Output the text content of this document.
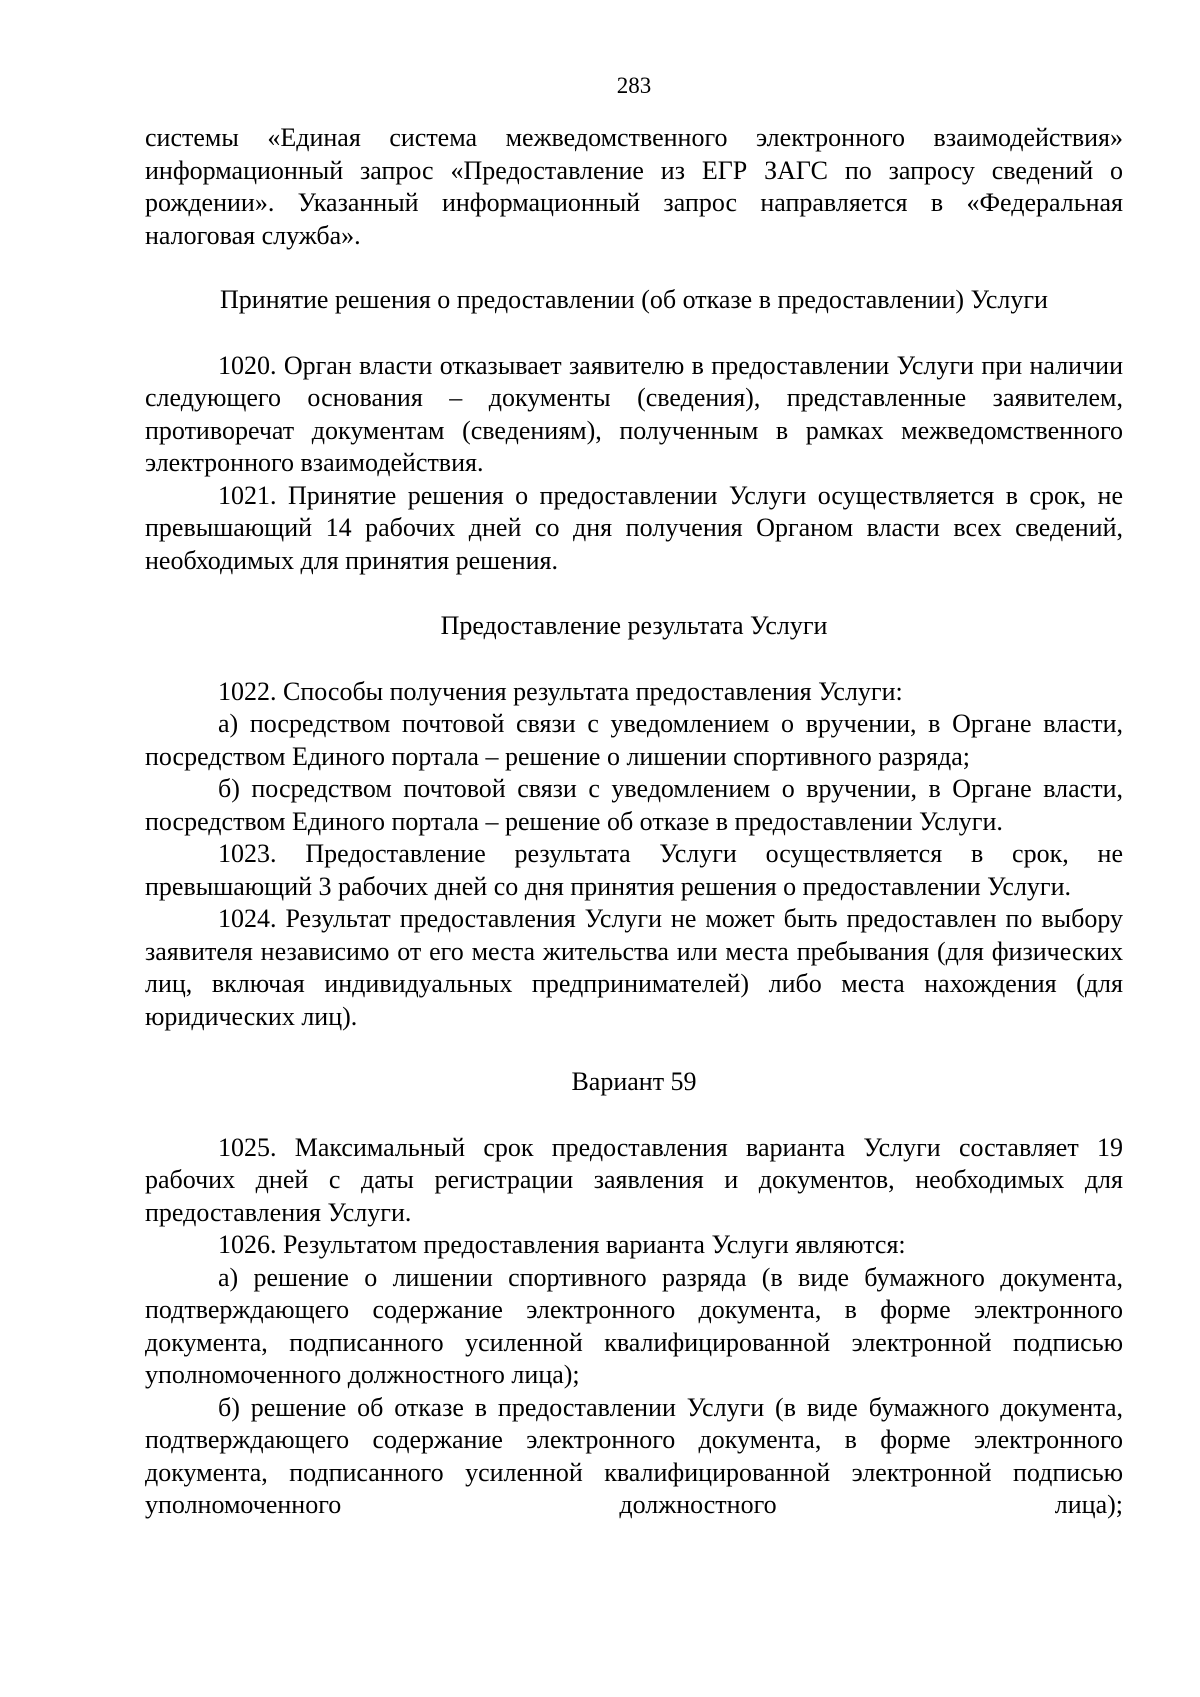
283

системы «Единая система межведомственного электронного взаимодействия» информационный запрос «Предоставление из ЕГР ЗАГС по запросу сведений о рождении». Указанный информационный запрос направляется в «Федеральная налоговая служба».

Принятие решения о предоставлении (об отказе в предоставлении) Услуги

1020. Орган власти отказывает заявителю в предоставлении Услуги при наличии следующего основания – документы (сведения), представленные заявителем, противоречат документам (сведениям), полученным в рамках межведомственного электронного взаимодействия.

1021. Принятие решения о предоставлении Услуги осуществляется в срок, не превышающий 14 рабочих дней со дня получения Органом власти всех сведений, необходимых для принятия решения.

Предоставление результата Услуги

1022. Способы получения результата предоставления Услуги:

а) посредством почтовой связи с уведомлением о вручении, в Органе власти, посредством Единого портала – решение о лишении спортивного разряда;

б) посредством почтовой связи с уведомлением о вручении, в Органе власти, посредством Единого портала – решение об отказе в предоставлении Услуги.

1023. Предоставление результата Услуги осуществляется в срок, не превышающий 3 рабочих дней со дня принятия решения о предоставлении Услуги.

1024. Результат предоставления Услуги не может быть предоставлен по выбору заявителя независимо от его места жительства или места пребывания (для физических лиц, включая индивидуальных предпринимателей) либо места нахождения (для юридических лиц).

Вариант 59

1025. Максимальный срок предоставления варианта Услуги составляет 19 рабочих дней с даты регистрации заявления и документов, необходимых для предоставления Услуги.

1026. Результатом предоставления варианта Услуги являются:

а) решение о лишении спортивного разряда (в виде бумажного документа, подтверждающего содержание электронного документа, в форме электронного документа, подписанного усиленной квалифицированной электронной подписью уполномоченного должностного лица);

б) решение об отказе в предоставлении Услуги (в виде бумажного документа, подтверждающего содержание электронного документа, в форме электронного документа, подписанного усиленной квалифицированной электронной подписью уполномоченного должностного лица);
